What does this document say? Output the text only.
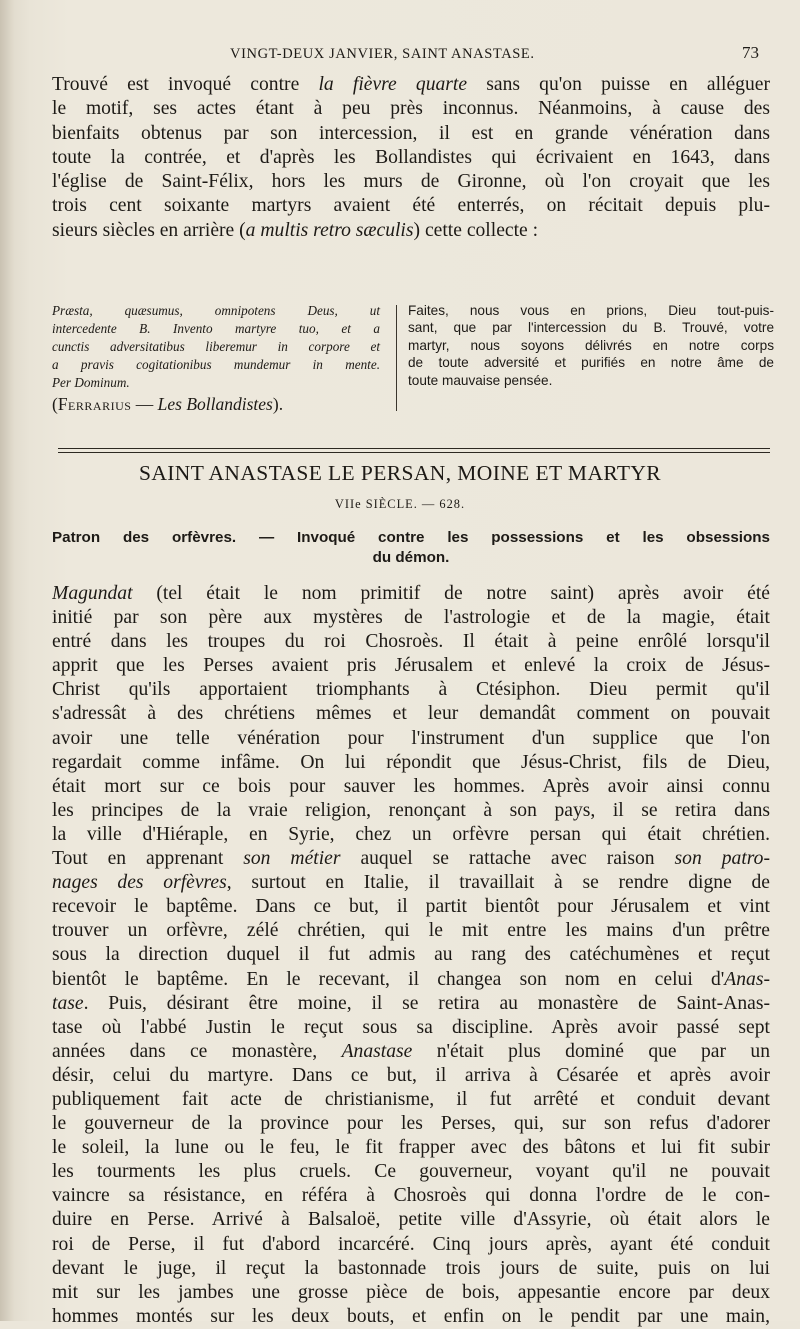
VINGT-DEUX JANVIER, SAINT ANASTASE.	73
Trouvé est invoqué contre la fièvre quarte sans qu'on puisse en alléguer
le motif, ses actes étant à peu près inconnus. Néanmoins, à cause des
bienfaits obtenus par son intercession, il est en grande vénération dans
toute la contrée, et d'après les Bollandistes qui écrivaient en 1643, dans
l'église de Saint-Félix, hors les murs de Gironne, où l'on croyait que les
trois cent soixante martyrs avaient été enterrés, on récitait depuis plu-
sieurs siècles en arrière (a multis retro sæculis) cette collecte :
Præsta, quæsumus, omnipotens Deus, ut
intercedente B. Invento martyre tuo, et a
cunctis adversitatibus liberemur in corpore et
a pravis cogitationibus mundemur in mente.
Per Dominum.
Faites, nous vous en prions, Dieu tout-puis-
sant, que par l'intercession du B. Trouvé, votre
martyr, nous soyons délivrés en notre corps
de toute adversité et purifiés en notre âme de
toute mauvaise pensée.
(Ferrarius — Les Bollandistes).
SAINT ANASTASE LE PERSAN, MOINE ET MARTYR
VIIe SIÈCLE. — 628.
Patron des orfèvres. — Invoqué contre les possessions et les obsessions
du démon.
Magundat (tel était le nom primitif de notre saint) après avoir été
initié par son père aux mystères de l'astrologie et de la magie, était
entré dans les troupes du roi Chosroès. Il était à peine enrôlé lorsqu'il
apprit que les Perses avaient pris Jérusalem et enlevé la croix de Jésus-
Christ qu'ils apportaient triomphants à Ctésiphon. Dieu permit qu'il
s'adressât à des chrétiens mêmes et leur demandât comment on pouvait
avoir une telle vénération pour l'instrument d'un supplice que l'on
regardait comme infâme. On lui répondit que Jésus-Christ, fils de Dieu,
était mort sur ce bois pour sauver les hommes. Après avoir ainsi connu
les principes de la vraie religion, renonçant à son pays, il se retira dans
la ville d'Hiéraple, en Syrie, chez un orfèvre persan qui était chrétien.
Tout en apprenant son métier auquel se rattache avec raison son patro-
nages des orfèvres, surtout en Italie, il travaillait à se rendre digne de
recevoir le baptême. Dans ce but, il partit bientôt pour Jérusalem et vint
trouver un orfèvre, zélé chrétien, qui le mit entre les mains d'un prêtre
sous la direction duquel il fut admis au rang des catéchumènes et reçut
bientôt le baptême. En le recevant, il changea son nom en celui d'Anas-
tase. Puis, désirant être moine, il se retira au monastère de Saint-Anas-
tase où l'abbé Justin le reçut sous sa discipline. Après avoir passé sept
années dans ce monastère, Anastase n'était plus dominé que par un
désir, celui du martyre. Dans ce but, il arriva à Césarée et après avoir
publiquement fait acte de christianisme, il fut arrêté et conduit devant
le gouverneur de la province pour les Perses, qui, sur son refus d'adorer
le soleil, la lune ou le feu, le fit frapper avec des bâtons et lui fit subir
les tourments les plus cruels. Ce gouverneur, voyant qu'il ne pouvait
vaincre sa résistance, en référa à Chosroès qui donna l'ordre de le con-
duire en Perse. Arrivé à Balsaloë, petite ville d'Assyrie, où était alors le
roi de Perse, il fut d'abord incarcéré. Cinq jours après, ayant été conduit
devant le juge, il reçut la bastonnade trois jours de suite, puis on lui
mit sur les jambes une grosse pièce de bois, appesantie encore par deux
hommes montés sur les deux bouts, et enfin on le pendit par une main,
